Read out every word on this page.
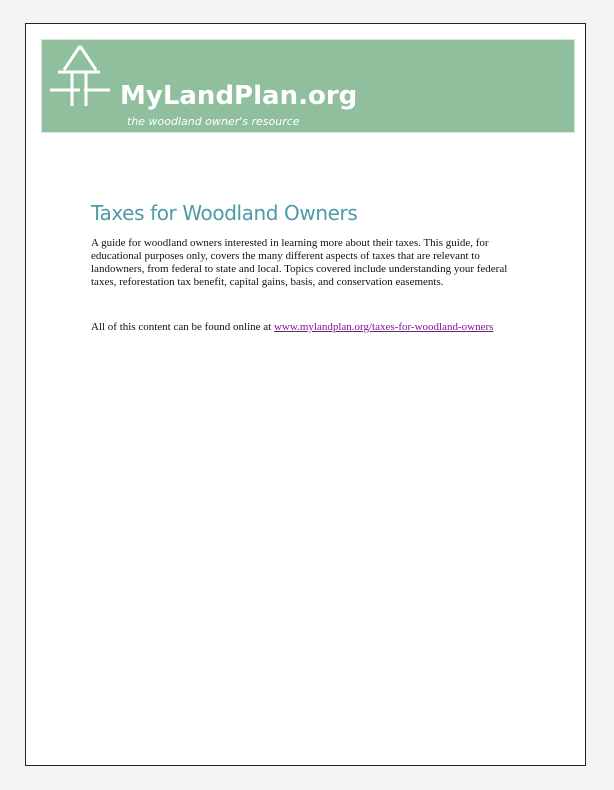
MyLandPlan.org
the woodland owner's resource
Taxes for Woodland Owners

A guide for woodland owners interested in learning more about their taxes. This guide, for educational purposes only, covers the many different aspects of taxes that are relevant to landowners, from federal to state and local. Topics covered include understanding your federal taxes, reforestation tax benefit, capital gains, basis, and conservation easements.

All of this content can be found online at www.mylandplan.org/taxes-for-woodland-owners
